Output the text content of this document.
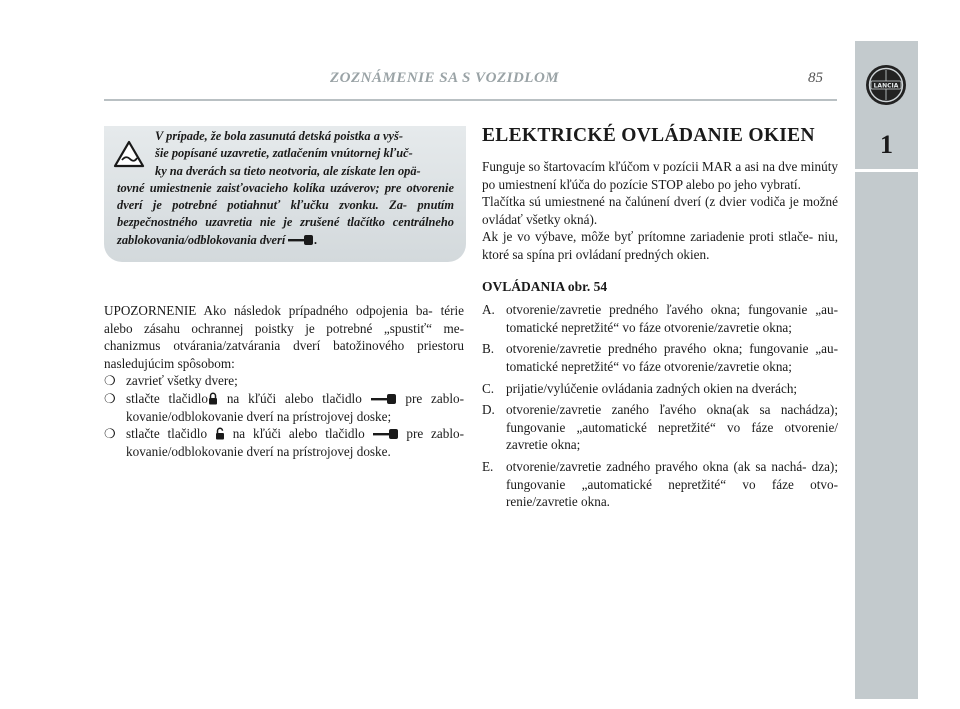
ZOZNÁMENIE SA S VOZIDLOM	85	LANCIA
1
V prípade, že bola zasunutá detská poistka a vyš-
šie popísané uzavretie, zatlačením vnútornej kľuč-
ky na dverách sa tieto neotvoria, ale získate len opä-
tovné umiestnenie zaisťovacieho kolíka uzáverov; pre otvorenie dverí je potrebné potiahnuť kľučku zvonku. Za- pnutím bezpečnostného uzavretia nie je zrušené tlačítko centrálneho zablokovania/odblokovania dverí .

UPOZORNENIE Ako následok prípadného odpojenia ba- térie alebo zásahu ochrannej poistky je potrebné „spustiť“ me- chanizmus otvárania/zatvárania dverí batožinového priestoru nasledujúcim spôsobom:

❍ zavrieť všetky dvere;
❍ stlačte tlačidlo na kľúči alebo tlačidlo  pre zablo- kovanie/odblokovanie dverí na prístrojovej doske;
❍ stlačte tlačidlo  na kľúči alebo tlačidlo  pre zablo- kovanie/odblokovanie dverí na prístrojovej doske.
ELEKTRICKÉ OVLÁDANIE OKIEN

Funguje so štartovacím kľúčom v pozícii MAR a asi na dve minúty po umiestnení kľúča do pozície STOP alebo po jeho vybratí.

Tlačítka sú umiestnené na čalúnení dverí (z dvier vodiča je možné ovládať všetky okná).

Ak je vo výbave, môže byť prítomne zariadenie proti stlače- niu, ktoré sa spína pri ovládaní predných okien.

OVLÁDANIA obr. 54
A. otvorenie/zavretie predného ľavého okna; fungovanie „au- tomatické nepretžité“ vo fáze otvorenie/zavretie okna;
B. otvorenie/zavretie predného pravého okna; fungovanie „au- tomatické nepretžité“ vo fáze otvorenie/zavretie okna;
C. prijatie/vylúčenie ovládania zadných okien na dverách;
D. otvorenie/zavretie zaného ľavého okna(ak sa nachádza); fungovanie „automatické nepretžité“ vo fáze otvorenie/ zavretie okna;
E. otvorenie/zavretie zadného pravého okna (ak sa nachá- dza); fungovanie „automatické nepretžité“ vo fáze otvo- renie/zavretie okna.
